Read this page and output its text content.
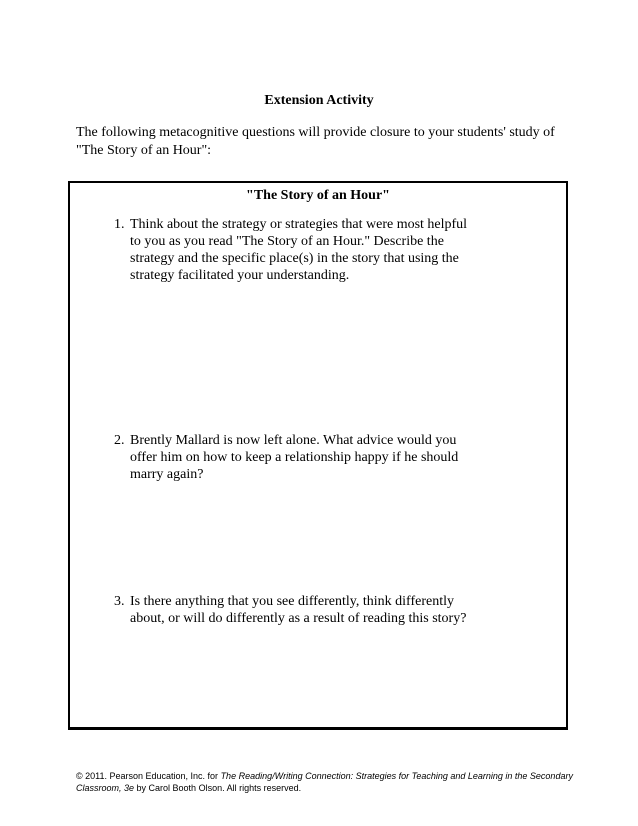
Extension Activity
The following metacognitive questions will provide closure to your students' study of "The Story of an Hour":
"The Story of an Hour"
1. Think about the strategy or strategies that were most helpful to you as you read "The Story of an Hour." Describe the strategy and the specific place(s) in the story that using the strategy facilitated your understanding.
2. Brently Mallard is now left alone. What advice would you offer him on how to keep a relationship happy if he should marry again?
3. Is there anything that you see differently, think differently about, or will do differently as a result of reading this story?
© 2011. Pearson Education, Inc. for The Reading/Writing Connection: Strategies for Teaching and Learning in the Secondary Classroom, 3e by Carol Booth Olson. All rights reserved.
